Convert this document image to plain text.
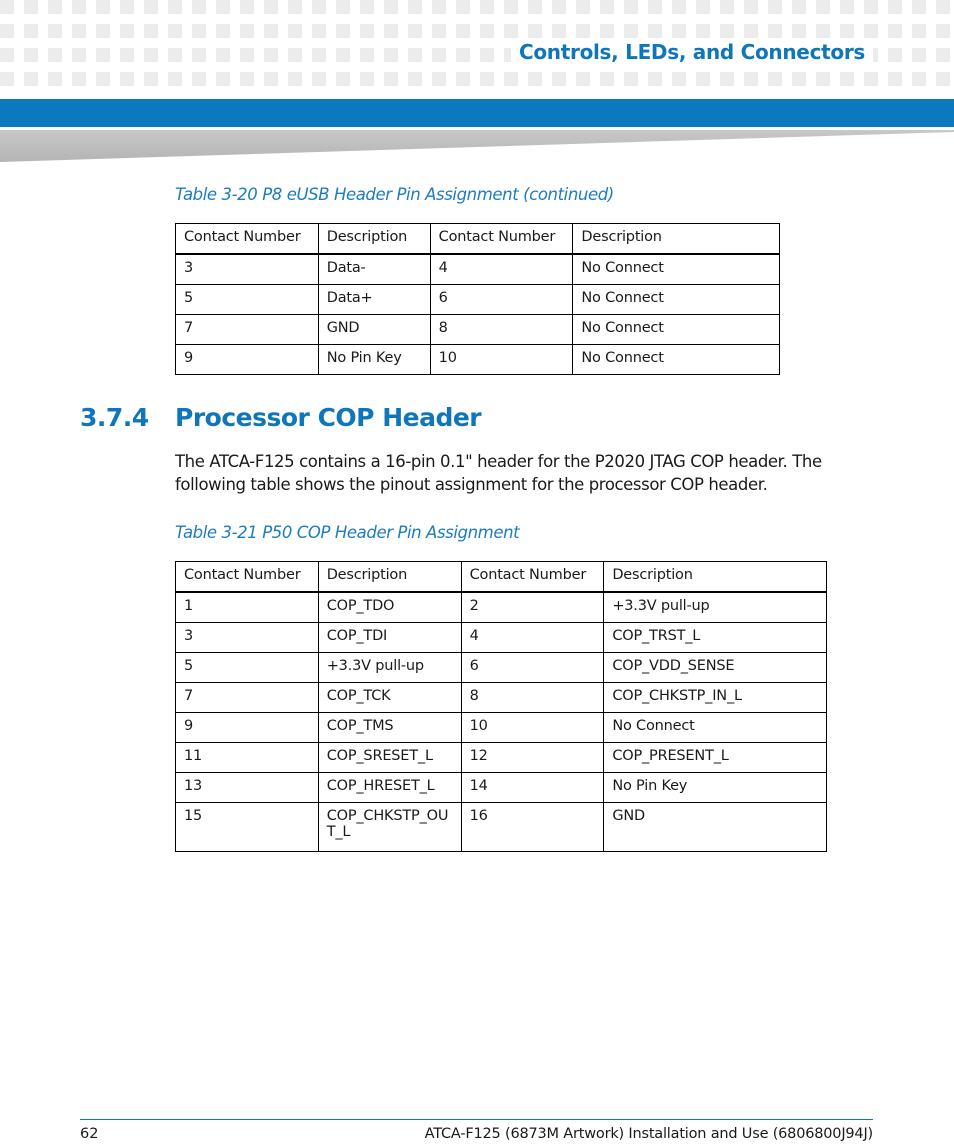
Controls, LEDs, and Connectors
Table 3-20 P8 eUSB Header Pin Assignment (continued)
Contact Number	Description	Contact Number	Description
3	Data-	4	No Connect
5	Data+	6	No Connect
7	GND	8	No Connect
9	No Pin Key	10	No Connect
3.7.4 Processor COP Header
The ATCA-F125 contains a 16-pin 0.1" header for the P2020 JTAG COP header. The following table shows the pinout assignment for the processor COP header.
Table 3-21 P50 COP Header Pin Assignment
Contact Number	Description	Contact Number	Description
1	COP_TDO	2	+3.3V pull-up
3	COP_TDI	4	COP_TRST_L
5	+3.3V pull-up	6	COP_VDD_SENSE
7	COP_TCK	8	COP_CHKSTP_IN_L
9	COP_TMS	10	No Connect
11	COP_SRESET_L	12	COP_PRESENT_L
13	COP_HRESET_L	14	No Pin Key
15	COP_CHKSTP_OUT_L	16	GND
62	ATCA-F125 (6873M Artwork) Installation and Use (6806800J94J)
